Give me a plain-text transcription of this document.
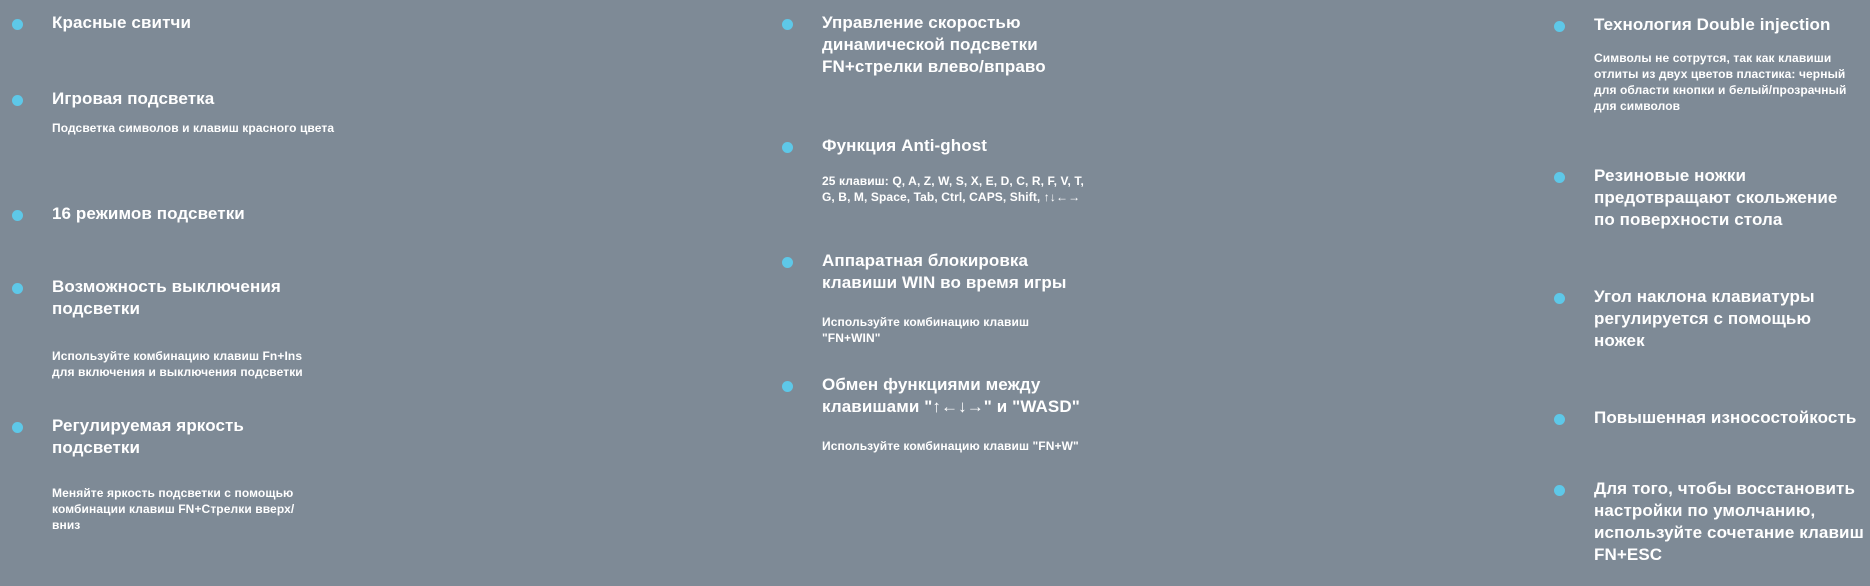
Красные свитчи
Игровая подсветка
Подсветка символов и клавиш красного цвета
16 режимов подсветки
Возможность выключения подсветки
Используйте комбинацию клавиш Fn+Ins для включения и выключения подсветки
Регулируемая яркость подсветки
Меняйте яркость подсветки с помощью комбинации клавиш FN+Стрелки вверх/вниз
Управление скоростью динамической подсветки FN+стрелки влево/вправо
Функция Anti-ghost
25 клавиш: Q, A, Z, W, S, X, E, D, C, R, F, V, T, G, B, M, Space, Tab, Ctrl, CAPS, Shift, ↑↓←→
Аппаратная блокировка клавиши WIN во время игры
Используйте комбинацию клавиш "FN+WIN"
Обмен функциями между клавишами "↑←↓→" и "WASD"
Используйте комбинацию клавиш "FN+W"
Технология Double injection
Символы не сотрутся, так как клавиши отлиты из двух цветов пластика: черный для области кнопки и белый/прозрачный для символов
Резиновые ножки предотвращают скольжение по поверхности стола
Угол наклона клавиатуры регулируется с помощью ножек
Повышенная износостойкость
Для того, чтобы восстановить настройки по умолчанию, используйте сочетание клавиш FN+ESC
